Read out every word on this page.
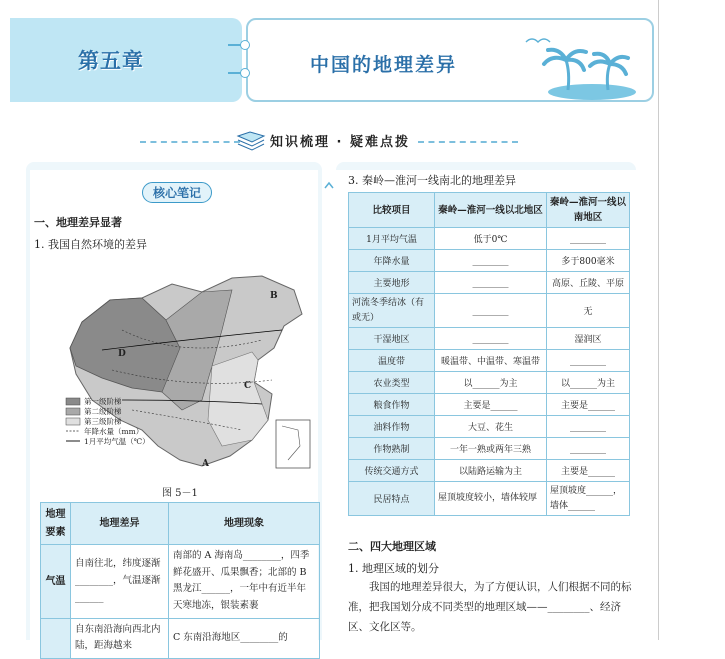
第五章	中国的地理差异
知识梳理 · 疑难点拨
核心笔记
一、地理差异显著
1. 我国自然环境的差异
B
D
C
A
第一级阶梯
第二级阶梯
第三级阶梯
年降水量（mm）
1月平均气温（℃）
图 5－1
地理要素	地理差异	地理现象
气温	自南往北，纬度逐渐________，气温逐渐______	南部的 A 海南岛________，四季鲜花盛开、瓜果飘香；北部的 B 黑龙江______，一年中有近半年天寒地冻，银装素裹
	自东南沿海向西北内陆，距海越来	C 东南沿海地区________的
3. 秦岭—淮河一线南北的地理差异
比较项目	秦岭—淮河一线以北地区	秦岭—淮河一线以南地区
1月平均气温	低于0℃	________
年降水量	________	多于800毫米
主要地形	________	高原、丘陵、平原
河流冬季结冰（有或无）	________	无
干湿地区	________	湿润区
温度带	暖温带、中温带、寒温带	________
农业类型	以______为主	以______为主
粮食作物	主要是______	主要是______
油料作物	大豆、花生	________
作物熟制	一年一熟或两年三熟	________
传统交通方式	以陆路运输为主	主要是______
民居特点	屋顶坡度较小，墙体较厚	屋顶坡度______，墙体______
二、四大地理区域
1. 地理区域的划分
我国的地理差异很大，为了方便认识，人们根据不同的标准，把我国划分成不同类型的地理区域——________、经济区、文化区等。
